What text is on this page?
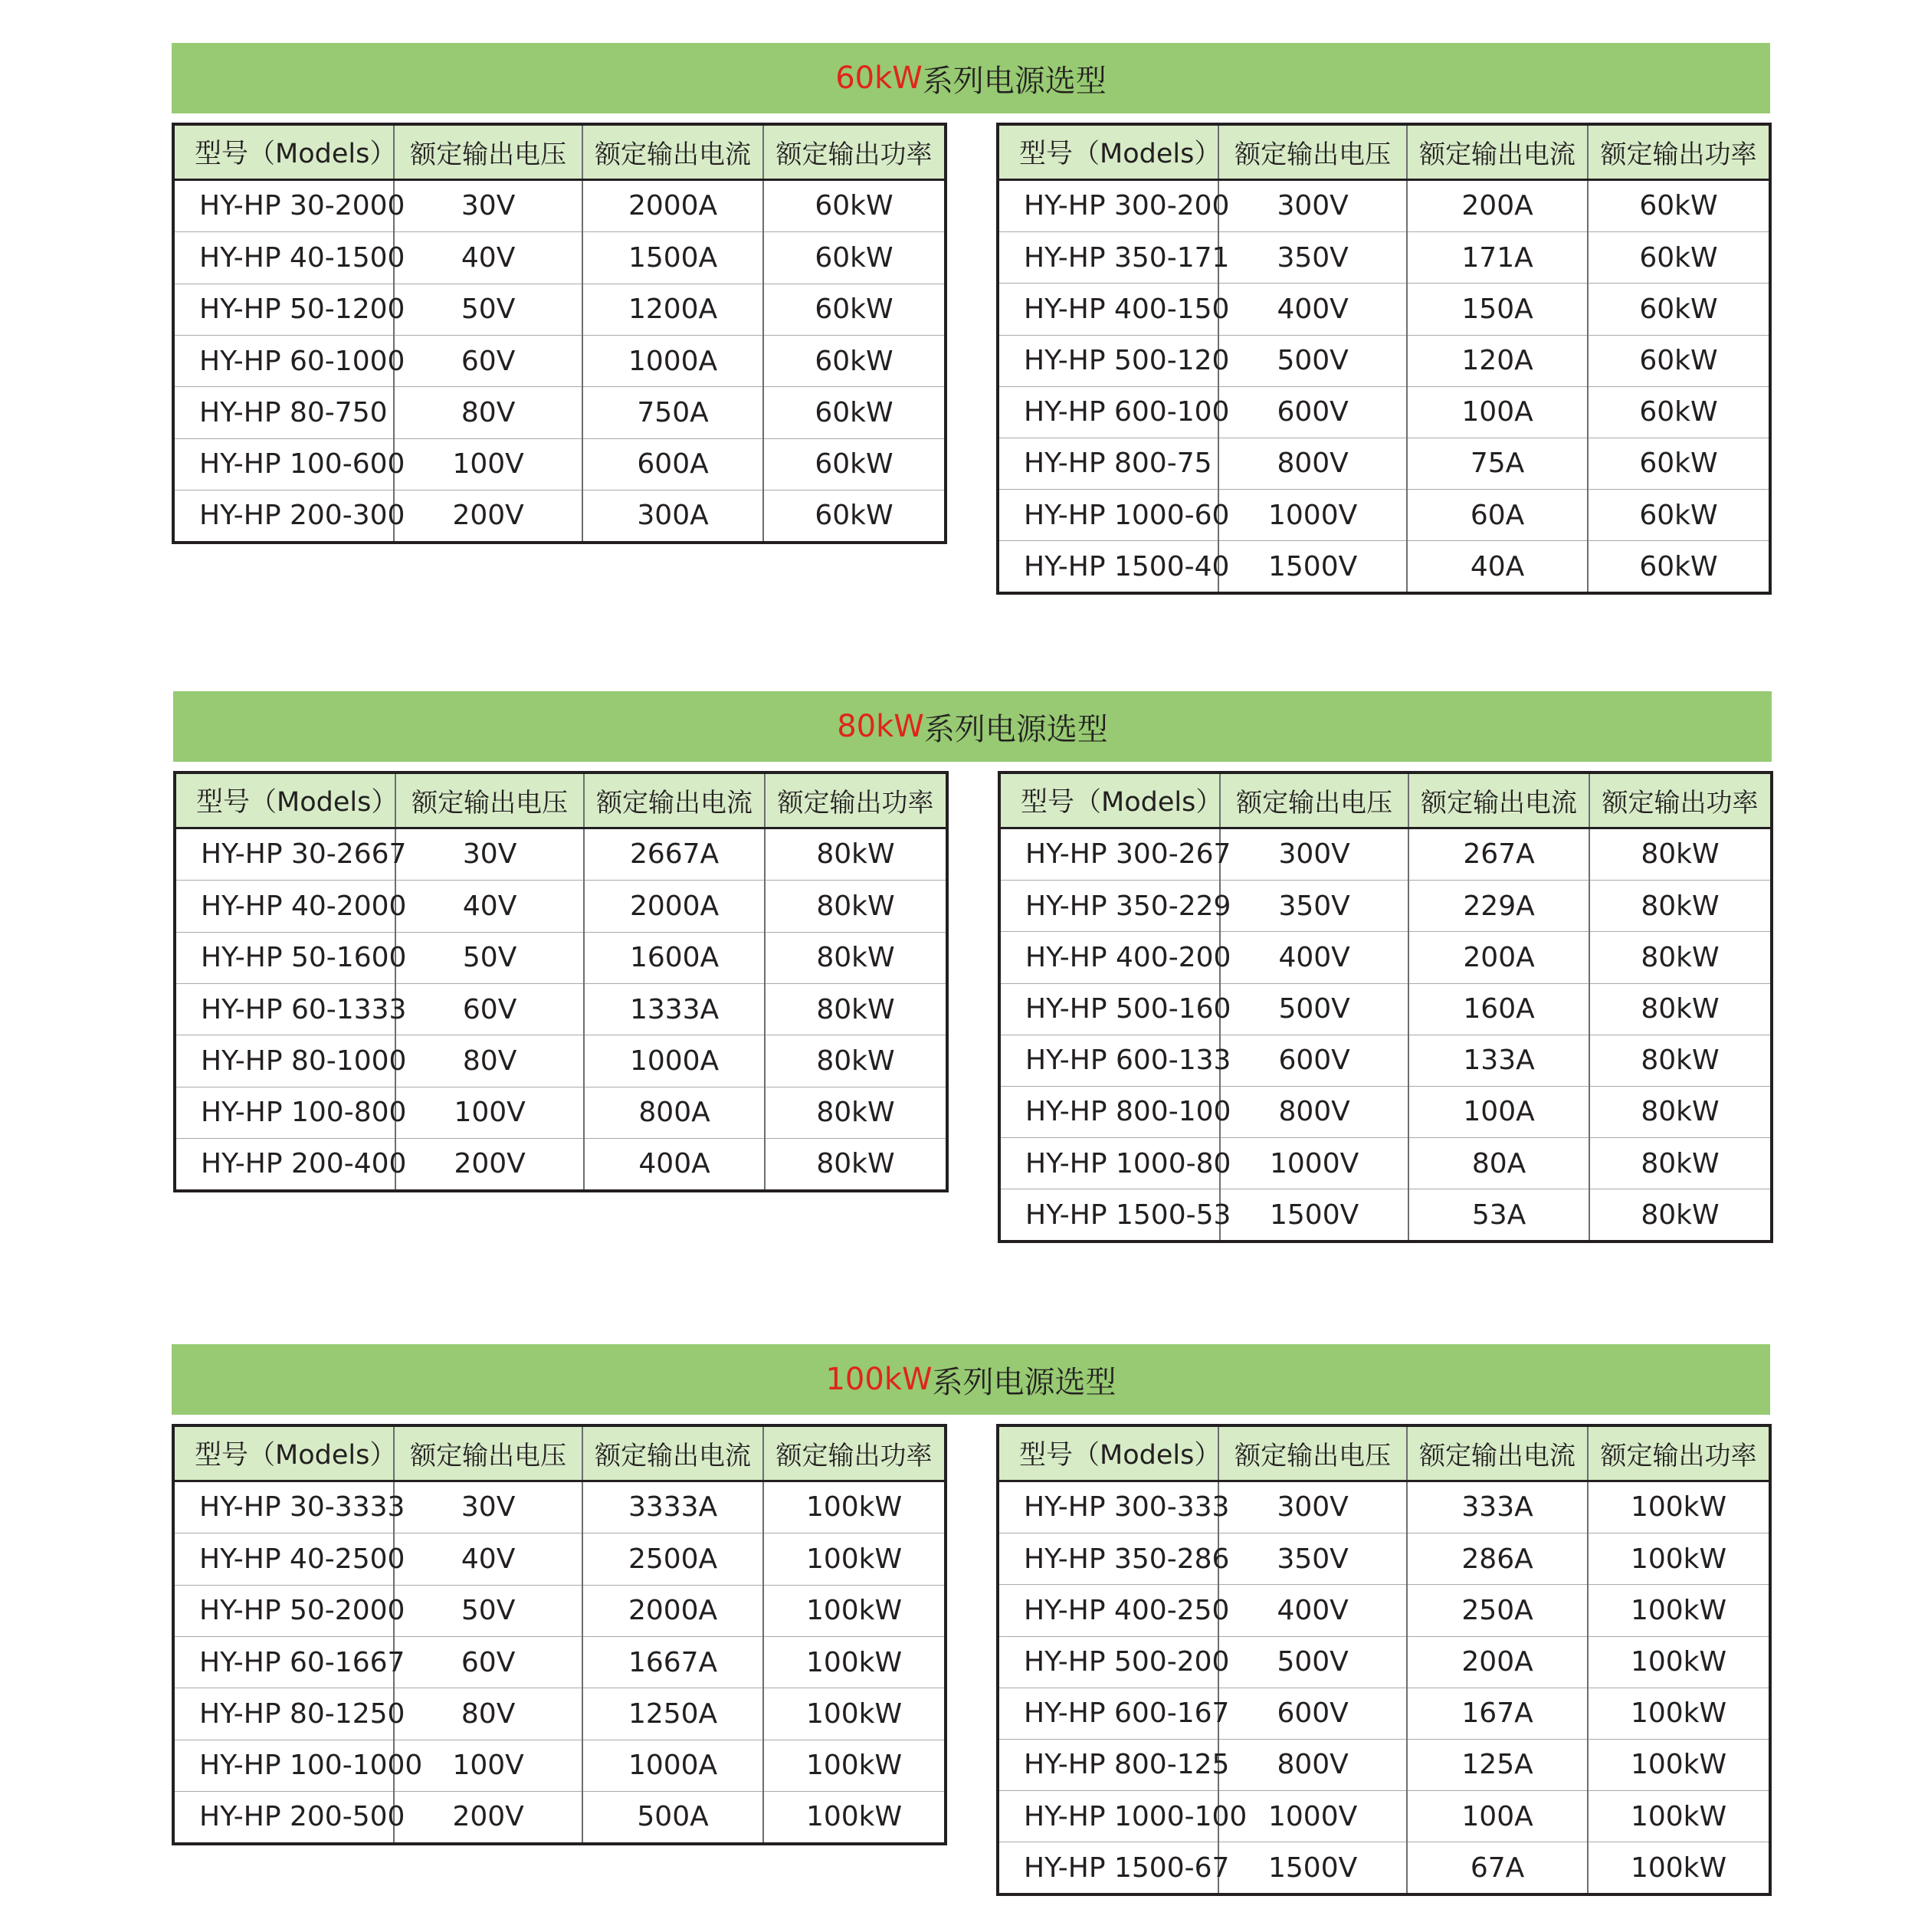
60kW 系列电源选型
型号（Models）	额定输出电压	额定输出电流	额定输出功率
HY-HP 30-2000	30V	2000A	60kW
HY-HP 40-1500	40V	1500A	60kW
HY-HP 50-1200	50V	1200A	60kW
HY-HP 60-1000	60V	1000A	60kW
HY-HP 80-750	80V	750A	60kW
HY-HP 100-600	100V	600A	60kW
HY-HP 200-300	200V	300A	60kW
型号（Models）	额定输出电压	额定输出电流	额定输出功率
HY-HP 300-200	300V	200A	60kW
HY-HP 350-171	350V	171A	60kW
HY-HP 400-150	400V	150A	60kW
HY-HP 500-120	500V	120A	60kW
HY-HP 600-100	600V	100A	60kW
HY-HP 800-75	800V	75A	60kW
HY-HP 1000-60	1000V	60A	60kW
HY-HP 1500-40	1500V	40A	60kW
80kW 系列电源选型
型号（Models）	额定输出电压	额定输出电流	额定输出功率
HY-HP 30-2667	30V	2667A	80kW
HY-HP 40-2000	40V	2000A	80kW
HY-HP 50-1600	50V	1600A	80kW
HY-HP 60-1333	60V	1333A	80kW
HY-HP 80-1000	80V	1000A	80kW
HY-HP 100-800	100V	800A	80kW
HY-HP 200-400	200V	400A	80kW
型号（Models）	额定输出电压	额定输出电流	额定输出功率
HY-HP 300-267	300V	267A	80kW
HY-HP 350-229	350V	229A	80kW
HY-HP 400-200	400V	200A	80kW
HY-HP 500-160	500V	160A	80kW
HY-HP 600-133	600V	133A	80kW
HY-HP 800-100	800V	100A	80kW
HY-HP 1000-80	1000V	80A	80kW
HY-HP 1500-53	1500V	53A	80kW
100kW 系列电源选型
型号（Models）	额定输出电压	额定输出电流	额定输出功率
HY-HP 30-3333	30V	3333A	100kW
HY-HP 40-2500	40V	2500A	100kW
HY-HP 50-2000	50V	2000A	100kW
HY-HP 60-1667	60V	1667A	100kW
HY-HP 80-1250	80V	1250A	100kW
HY-HP 100-1000	100V	1000A	100kW
HY-HP 200-500	200V	500A	100kW
型号（Models）	额定输出电压	额定输出电流	额定输出功率
HY-HP 300-333	300V	333A	100kW
HY-HP 350-286	350V	286A	100kW
HY-HP 400-250	400V	250A	100kW
HY-HP 500-200	500V	200A	100kW
HY-HP 600-167	600V	167A	100kW
HY-HP 800-125	800V	125A	100kW
HY-HP 1000-100	1000V	100A	100kW
HY-HP 1500-67	1500V	67A	100kW
